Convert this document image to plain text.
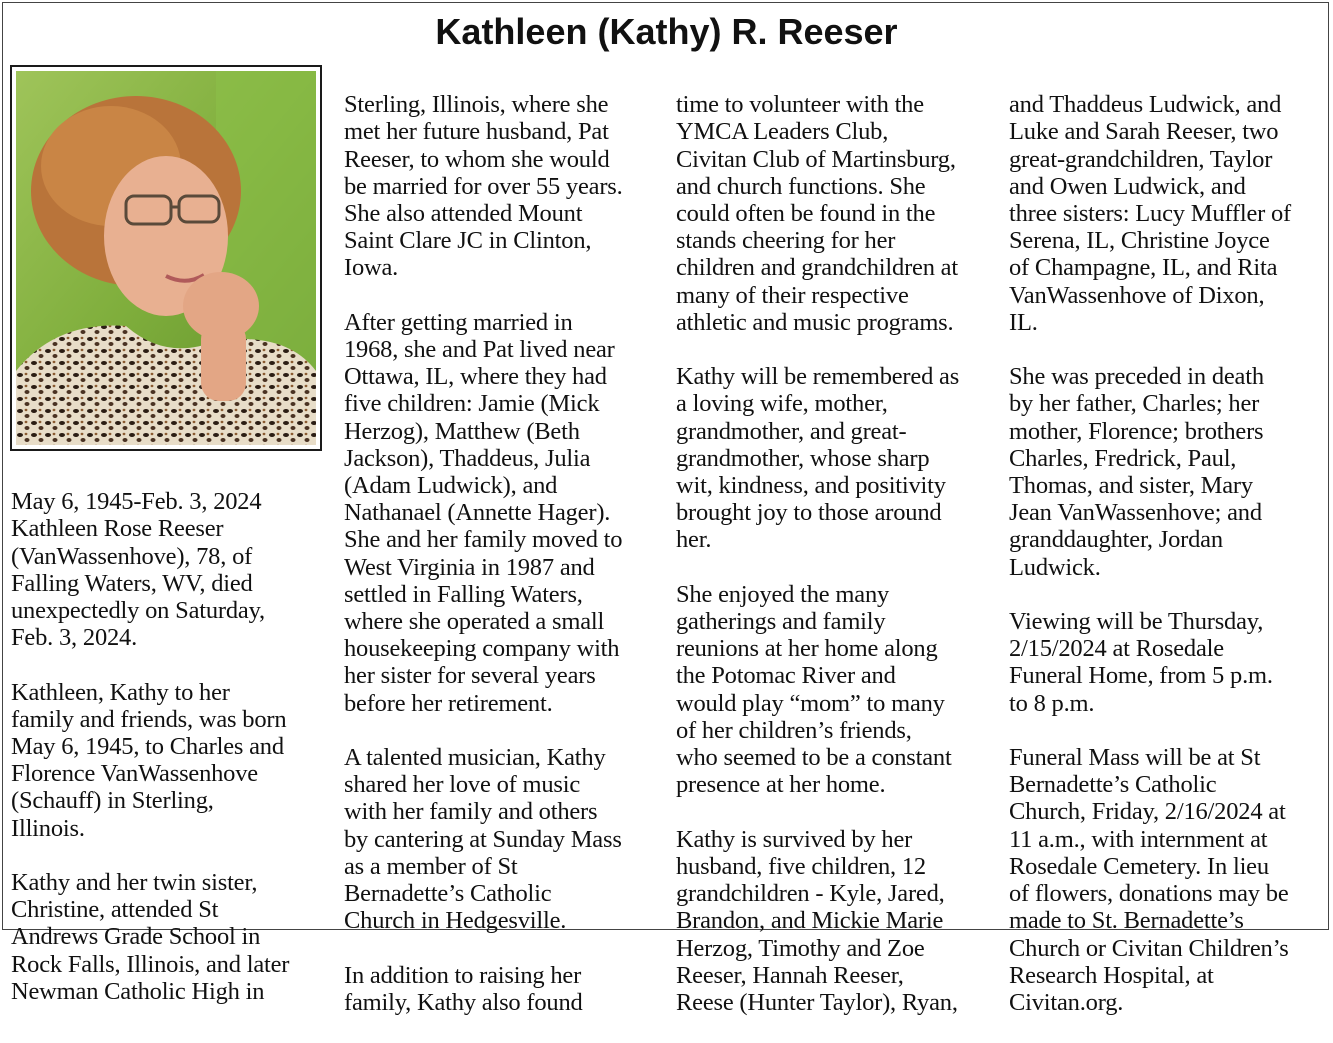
Kathleen (Kathy) R. Reeser

May 6, 1945-Feb. 3, 2024
Kathleen Rose Reeser
(VanWassenhove), 78, of
Falling Waters, WV, died
unexpectedly on Saturday,
Feb. 3, 2024.

Kathleen, Kathy to her
family and friends, was born
May 6, 1945, to Charles and
Florence VanWassenhove
(Schauff) in Sterling,
Illinois.

Kathy and her twin sister,
Christine, attended St
Andrews Grade School in
Rock Falls, Illinois, and later
Newman Catholic High in

Sterling, Illinois, where she
met her future husband, Pat
Reeser, to whom she would
be married for over 55 years.
She also attended Mount
Saint Clare JC in Clinton,
Iowa.

After getting married in
1968, she and Pat lived near
Ottawa, IL, where they had
five children: Jamie (Mick
Herzog), Matthew (Beth
Jackson), Thaddeus, Julia
(Adam Ludwick), and
Nathanael (Annette Hager).
She and her family moved to
West Virginia in 1987 and
settled in Falling Waters,
where she operated a small
housekeeping company with
her sister for several years
before her retirement.

A talented musician, Kathy
shared her love of music
with her family and others
by cantering at Sunday Mass
as a member of St
Bernadette’s Catholic
Church in Hedgesville.

In addition to raising her
family, Kathy also found

time to volunteer with the
YMCA Leaders Club,
Civitan Club of Martinsburg,
and church functions. She
could often be found in the
stands cheering for her
children and grandchildren at
many of their respective
athletic and music programs.

Kathy will be remembered as
a loving wife, mother,
grandmother, and great-
grandmother, whose sharp
wit, kindness, and positivity
brought joy to those around
her.

She enjoyed the many
gatherings and family
reunions at her home along
the Potomac River and
would play “mom” to many
of her children’s friends,
who seemed to be a constant
presence at her home.

Kathy is survived by her
husband, five children, 12
grandchildren - Kyle, Jared,
Brandon, and Mickie Marie
Herzog, Timothy and Zoe
Reeser, Hannah Reeser,
Reese (Hunter Taylor), Ryan,

and Thaddeus Ludwick, and
Luke and Sarah Reeser, two
great-grandchildren, Taylor
and Owen Ludwick, and
three sisters: Lucy Muffler of
Serena, IL, Christine Joyce
of Champagne, IL, and Rita
VanWassenhove of Dixon,
IL.

She was preceded in death
by her father, Charles; her
mother, Florence; brothers
Charles, Fredrick, Paul,
Thomas, and sister, Mary
Jean VanWassenhove; and
granddaughter, Jordan
Ludwick.

Viewing will be Thursday,
2/15/2024 at Rosedale
Funeral Home, from 5 p.m.
to 8 p.m.

Funeral Mass will be at St
Bernadette’s Catholic
Church, Friday, 2/16/2024 at
11 a.m., with internment at
Rosedale Cemetery. In lieu
of flowers, donations may be
made to St. Bernadette’s
Church or Civitan Children’s
Research Hospital, at
Civitan.org.
